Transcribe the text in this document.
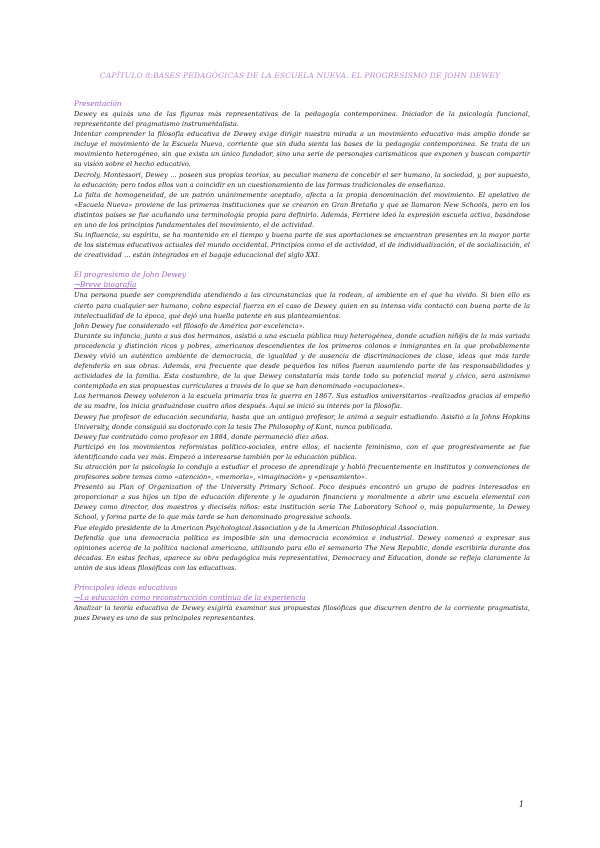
CAPÍTULO 8:BASES PEDAGÓGICAS DE LA ESCUELA NUEVA. EL PROGRESISMO DE JOHN DEWEY

Presentación

Dewey es quizás una de las figuras más representativas de la pedagogía contemporánea. Iniciador de la psicología funcional, representante del pragmatismo instrumentalista.

Intentar comprender la filosofía educativa de Dewey exige dirigir nuestra mirada a un movimiento educativo más amplio donde se incluye el movimiento de la Escuela Nueva, corriente que sin duda sienta las bases de la pedagogía contemporánea. Se trata de un movimiento heterogéneo, sin que exista un único fundador, sino una serie de personajes carismáticos que exponen y buscan compartir su visión sobre el hecho educativo.

Decroly, Montessori, Dewey … poseen sus propias teorías, su peculiar manera de concebir el ser humano, la sociedad, y, por supuesto, la educación; pero todos ellos van a coincidir en un cuestionamiento de las formas tradicionales de enseñanza.

La falta de homogeneidad, de un patrón unánimemente aceptado, afecta a la propia denominación del movimiento. El apelativo de «Escuela Nueva» proviene de las primeras instituciones que se crearon en Gran Bretaña y que se llamaron New Schools, pero en los distintos países se fue acuñando una terminología propia para definirlo. Además, Ferriere ideó la expresión escuela activa, basándose en uno de los principios fundamentales del movimiento, el de actividad.

Su influencia, su espíritu, se ha mantenido en el tiempo y buena parte de sus aportaciones se encuentran presentes en la mayor parte de los sistemas educativos actuales del mundo occidental. Principios como el de actividad, el de individualización, el de socialización, el de creatividad … están integrados en el bagaje educacional del siglo XXI.

El progresismo de John Dewey

→Breve biografía

Una persona puede ser comprendida atendiendo a las circunstancias que la rodean, al ambiente en el que ha vivido. Si bien ello es cierto para cualquier ser humano, cobra especial fuerza en el caso de Dewey quien en su intensa vida contactó con buena parte de la intelectualidad de la época, que dejó una huella patente en sus planteamientos.

John Dewey fue considerado «el filósofo de América por excelencia».

Durante su infancia, junto a sus dos hermanos, asistió a una escuela pública muy heterogénea, donde acudían niñ@s de la más variada procedencia y distinción ricos y pobres, americanos descendientes de los primeros colonos e inmigrantes en la que probablemente Dewey vivió un auténtico ambiente de democracia, de igualdad y de ausencia de discriminaciones de clase, ideas que más tarde defendería en sus obras. Además, era frecuente que desde pequeños los niños fueran asumiendo parte de las responsabilidades y actividades de la familia. Esta costumbre, de la que Dewey constataría más tarde todo su potencial moral y cívico, será asimismo contemplada en sus propuestas curriculares a través de lo que se han denominado «ocupaciones».

Los hermanos Dewey volvieron a la escuela primaria tras la guerra en 1867. Sus estudios universitarios -realizados gracias al empeño de su madre, los inicia graduándose cuatro años después. Aquí se inició su interés por la filosofía.

Dewey fue profesor de educación secundaria, hasta que un antiguo profesor, le animó a seguir estudiando. Asistió a la Johns Hopkins University, donde consiguió su doctorado con la tesis The Philosophy of Kant, nunca publicada.

Dewey fue contratado como profesor en 1884, donde permaneció diez años.

Participó en los movimientos reformistas político-sociales, entre ellos, el naciente feminismo, con el que progresivamente se fue identificando cada vez más. Empezó a interesarse también por la educación pública.

Su atracción por la psicología lo condujo a estudiar el proceso de aprendizaje y habló frecuentemente en institutos y convenciones de profesores sobre temas como «atención», «memoria», «imaginación» y «pensamiento».

Presentó su Plan of Organization of the University Primary School. Poco después encontró un grupo de padres interesados en proporcionar a sus hijos un tipo de educación diferente y le ayudaron financiera y moralmente a abrir una escuela elemental con Dewey como director, dos maestros y dieciséis niños: esta institución sería The Laboratory School o, más popularmente, la Dewey School, y forma parte de lo que más tarde se han denominado progressive schools.

Fue elegido presidente de la American Psychological Association y de la American Philosophical Association.

Defendía que una democracia política es imposible sin una democracia económica e industrial. Dewey comenzó a expresar sus opiniones acerca de la política nacional americana, utilizando para ello el semanario The New Republic, donde escribiría durante dos décadas. En estas fechas, aparece su obra pedagógica más representativa, Democracy and Education, donde se refleja claramente la unión de sus ideas filosóficas con las educativas.

Principales ideas educativas

→La educación como reconstrucción continua de la experiencia

Analizar la teoría educativa de Dewey exigiría examinar sus propuestas filosóficas que discurren dentro de la corriente pragmatista, pues Dewey es uno de sus principales representantes.

1
